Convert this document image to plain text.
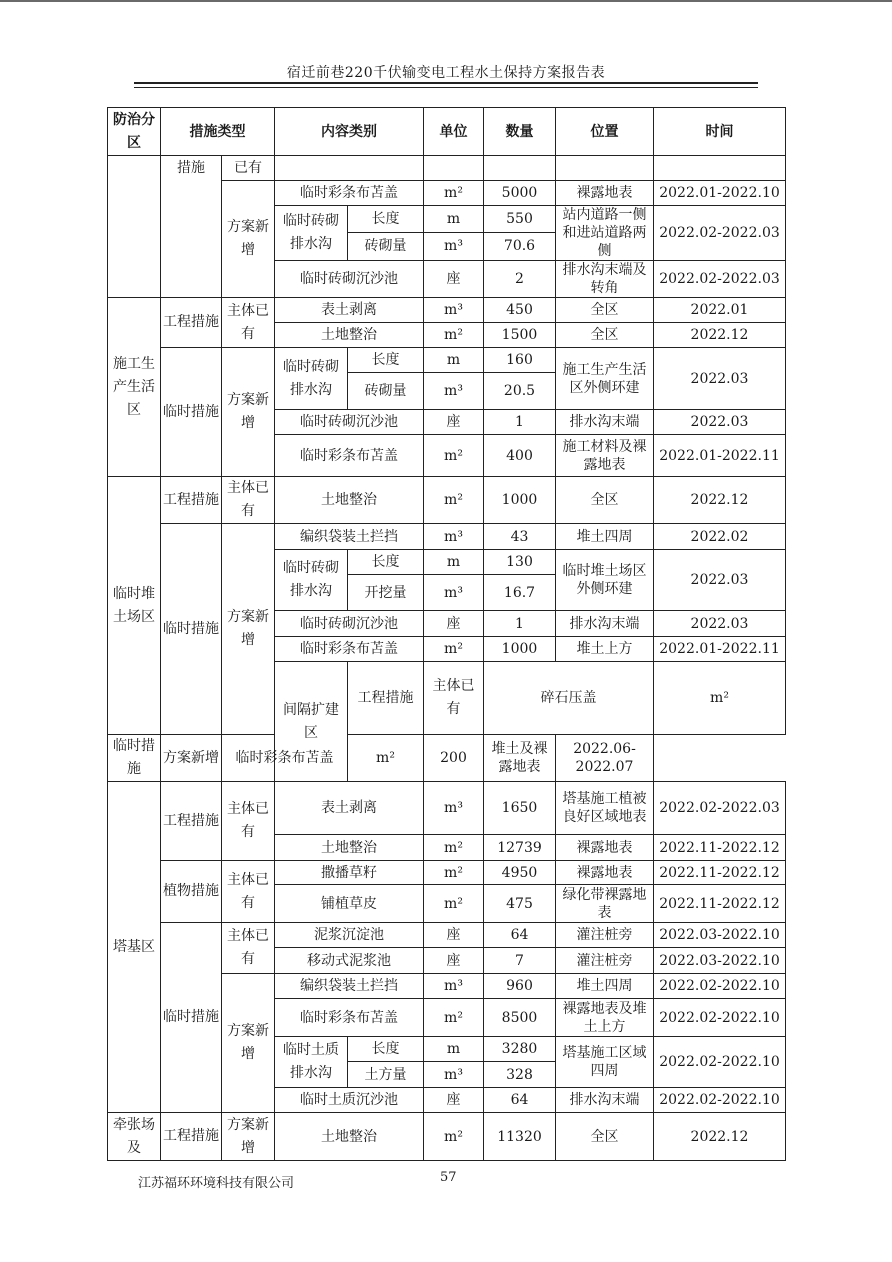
宿迁前巷220千伏输变电工程水土保持方案报告表
防治分区	措施类型		内容类别		单位	数量	位置	时间	
	措施	已有							
		方案新增	临时彩条布苫盖		m²	5000	裸露地表	2022.01-2022.10	
			临时砖砌排水沟	长度	m	550	站内道路一侧和进站道路两侧	2022.02-2022.03	
				砖砌量	m³	70.6			
			临时砖砌沉沙池		座	2	排水沟末端及转角	2022.02-2022.03	
施工生产生活区	工程措施	主体已有	表土剥离		m³	450	全区	2022.01	
			土地整治		m²	1500	全区	2022.12	
	临时措施	方案新增	临时砖砌排水沟	长度	m	160	施工生产生活区外侧环建	2022.03	
				砖砌量	m³	20.5			
			临时砖砌沉沙池		座	1	排水沟末端	2022.03	
			临时彩条布苫盖		m²	400	施工材料及裸露地表	2022.01-2022.11	
临时堆土场区	工程措施	主体已有	土地整治		m²	1000	全区	2022.12	
	临时措施	方案新增	编织袋装土拦挡		m³	43	堆土四周	2022.02	
			临时砖砌排水沟	长度	m	130	临时堆土场区外侧环建	2022.03	
				开挖量	m³	16.7			
			临时砖砌沉沙池		座	1	排水沟末端	2022.03	
			临时彩条布苫盖		m²	1000	堆土上方	2022.01-2022.11	
			间隔扩建区	工程措施	主体已有	碎石压盖		m²			
临时措施	方案新增	临时彩条布苫盖		m²	200	堆土及裸露地表	2022.06-2022.07		
塔基区	工程措施	主体已有	表土剥离		m³	1650	塔基施工植被良好区域地表	2022.02-2022.03	
			土地整治		m²	12739	裸露地表	2022.11-2022.12	
	植物措施	主体已有	撒播草籽		m²	4950	裸露地表	2022.11-2022.12	
			铺植草皮		m²	475	绿化带裸露地表	2022.11-2022.12	
	临时措施	主体已有	泥浆沉淀池		座	64	灌注桩旁	2022.03-2022.10	
			移动式泥浆池		座	7	灌注桩旁	2022.03-2022.10	
		方案新增	编织袋装土拦挡		m³	960	堆土四周	2022.02-2022.10	
			临时彩条布苫盖		m²	8500	裸露地表及堆土上方	2022.02-2022.10	
			临时土质排水沟	长度	m	3280	塔基施工区域四周	2022.02-2022.10	
				土方量	m³	328			
			临时土质沉沙池		座	64	排水沟末端	2022.02-2022.10	
牵张场及	工程措施	方案新增	土地整治		m²	11320	全区	2022.12	
江苏福环环境科技有限公司	57
